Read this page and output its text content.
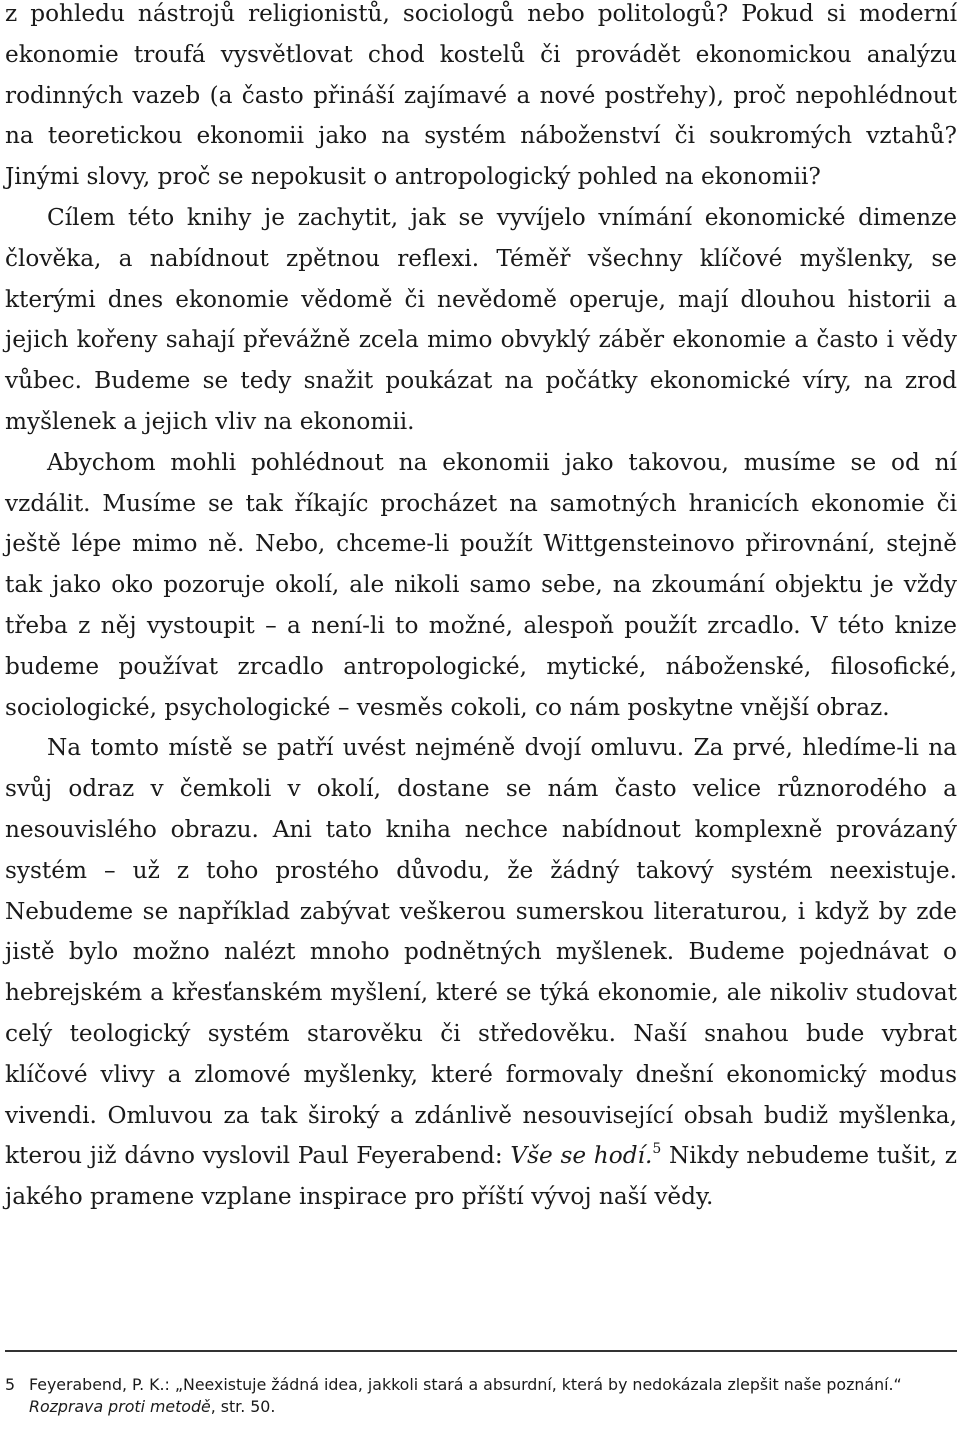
z pohledu nástrojů religionistů, sociologů nebo politologů? Pokud si moderní ekonomie troufá vysvětlovat chod kostelů či provádět ekonomickou analýzu rodinných vazeb (a často přináší zajímavé a nové postřehy), proč nepohlédnout na teoretickou ekonomii jako na systém náboženství či soukromých vztahů? Jinými slovy, proč se nepokusit o antropologický pohled na ekonomii?

Cílem této knihy je zachytit, jak se vyvíjelo vnímání ekonomické dimenze člověka, a nabídnout zpětnou reflexi. Téměř všechny klíčové myšlenky, se kterými dnes ekonomie vědomě či nevědomě operuje, mají dlouhou historii a jejich kořeny sahají převážně zcela mimo obvyklý záběr ekonomie a často i vědy vůbec. Budeme se tedy snažit poukázat na počátky ekonomické víry, na zrod myšlenek a jejich vliv na ekonomii.

Abychom mohli pohlédnout na ekonomii jako takovou, musíme se od ní vzdálit. Musíme se tak říkajíc procházet na samotných hranicích ekonomie či ještě lépe mimo ně. Nebo, chceme-li použít Wittgensteinovo přirovnání, stejně tak jako oko pozoruje okolí, ale nikoli samo sebe, na zkoumání objektu je vždy třeba z něj vystoupit – a není-li to možné, alespoň použít zrcadlo. V této knize budeme používat zrcadlo antropologické, mytické, náboženské, filosofické, sociologické, psychologické – vesměs cokoli, co nám poskytne vnější obraz.

Na tomto místě se patří uvést nejméně dvojí omluvu. Za prvé, hledíme-li na svůj odraz v čemkoli v okolí, dostane se nám často velice různorodého a nesouvislého obrazu. Ani tato kniha nechce nabídnout komplexně provázaný systém – už z toho prostého důvodu, že žádný takový systém neexistuje. Nebudeme se například zabývat veškerou sumerskou literaturou, i když by zde jistě bylo možno nalézt mnoho podnětných myšlenek. Budeme pojednávat o hebrejském a křesťanském myšlení, které se týká ekonomie, ale nikoliv studovat celý teologický systém starověku či středověku. Naší snahou bude vybrat klíčové vlivy a zlomové myšlenky, které formovaly dnešní ekonomický modus vivendi. Omluvou za tak široký a zdánlivě nesouvisející obsah budiž myšlenka, kterou již dávno vyslovil Paul Feyerabend: Vše se hodí.$^5$ Nikdy nebudeme tušit, z jakého pramene vzplane inspirace pro příští vývoj naší vědy.

5 Feyerabend, P. K.: „Neexistuje žádná idea, jakkoli stará a absurdní, která by nedokázala zlepšit naše poznání.“
Rozprava proti metodě, str. 50.
